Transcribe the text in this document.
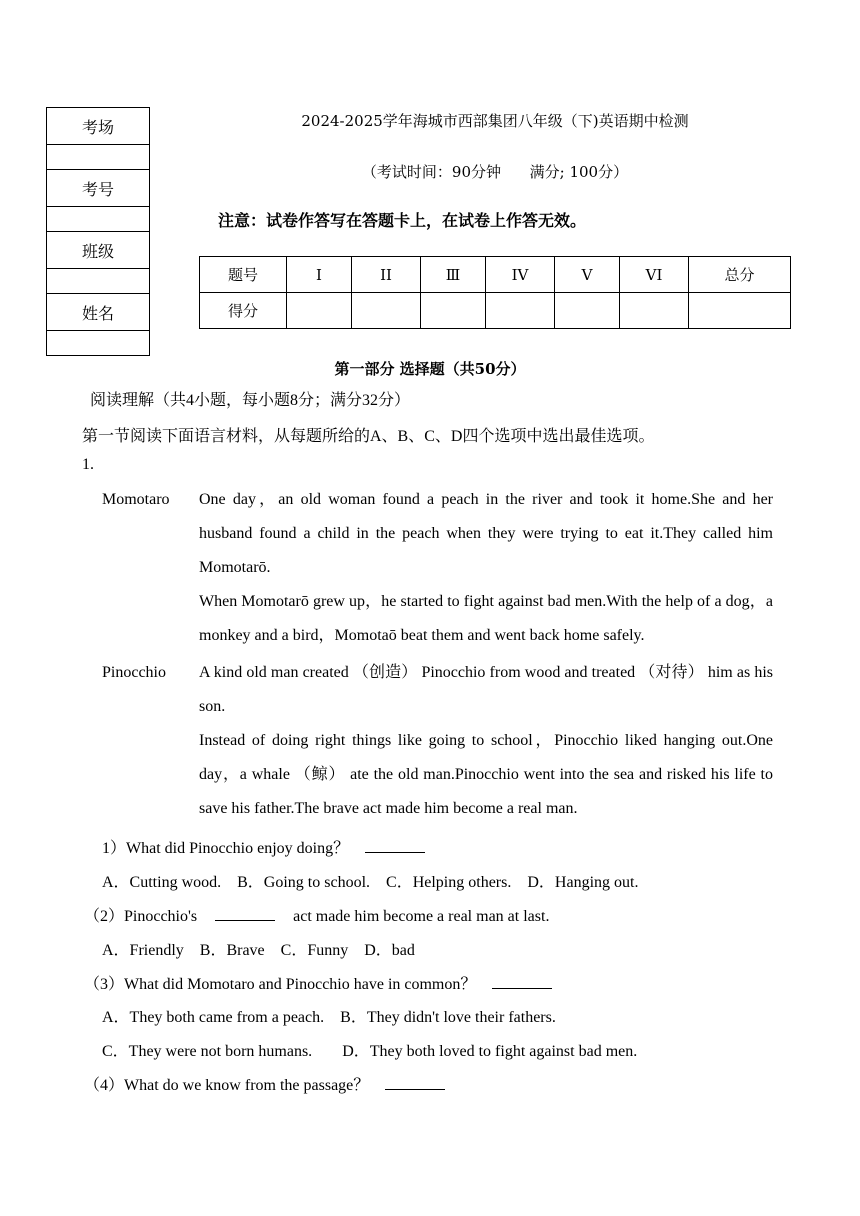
考场

考号

班级

姓名

2024-2025学年海城市西部集团八年级（下)英语期中检测
（考试时间：90分钟      满分; 100分）
注意：试卷作答写在答题卡上，在试卷上作答无效。
题号	I	II	Ⅲ	IV	V	VI	总分
得分							
第一部分 选择题（共50分）
阅读理解（共4小题，每小题8分；满分32分）
第一节阅读下面语言材料，从每题所给的A、B、C、D四个选项中选出最佳选项。
1.
Momotaro One day，an old woman found a peach in the river and took it home.She and her husband found a child in the peach when they were trying to eat it.They called him Momotarō.

When Momotarō grew up，he started to fight against bad men.With the help of a dog，a monkey and a bird，Momotaō beat them and went back home safely.

Pinocchio A kind old man created （创造） Pinocchio from wood and treated （对待） him as his son.

Instead of doing right things like going to school，Pinocchio liked hanging out.One day，a whale （鲸） ate the old man.Pinocchio went into the sea and risked his life to save his father.The brave act made him become a real man.

1）What did Pinocchio enjoy doing？
A．Cutting wood. B．Going to school. C．Helping others. D．Hanging out.
（2）Pinocchio's	act made him become a real man at last.
A．Friendly B．Brave C．Funny D．bad
（3）What did Momotaro and Pinocchio have in common？
A．They both came from a peach. B．They didn't love their fathers.
C．They were not born humans. D．They both loved to fight against bad men.
（4）What do we know from the passage？
